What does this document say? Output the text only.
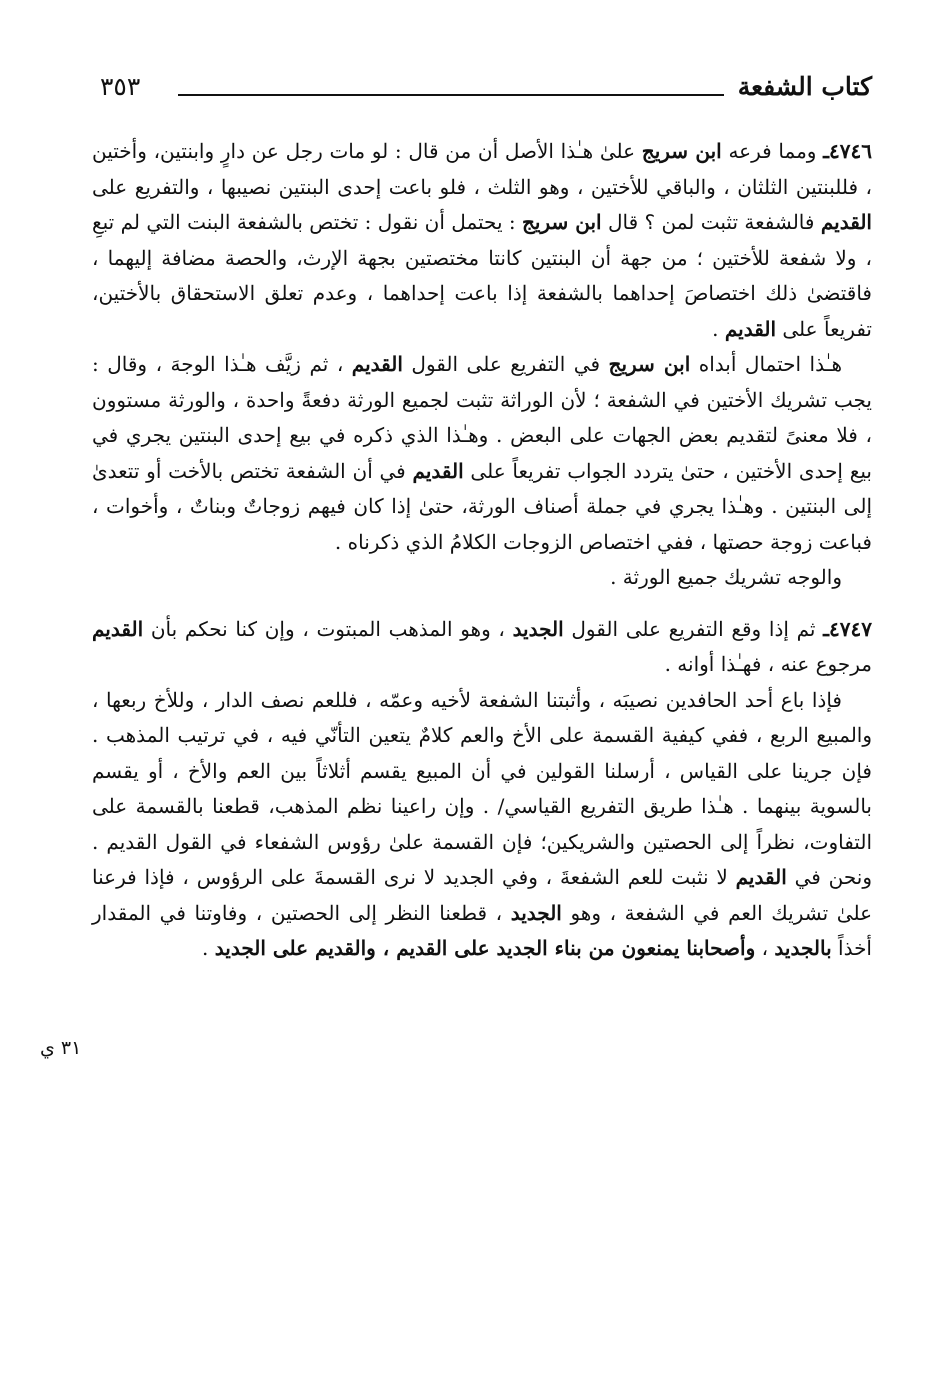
كتاب الشفعة
٣٥٣
٣١ ي

٤٧٤٦ـ ومما فرعه ابن سريج علىٰ هـٰذا الأصل أن من قال : لو مات رجل عن دارٍ وابنتين، وأختين ، فللبنتين الثلثان ، والباقي للأختين ، وهو الثلث ، فلو باعت إحدى البنتين نصيبها ، والتفريع على القديم فالشفعة تثبت لمن ؟ قال ابن سريج : يحتمل أن نقول : تختص بالشفعة البنت التي لم تبعِ ، ولا شفعة للأختين ؛ من جهة أن البنتين كانتا مختصتين بجهة الإرث، والحصة مضافة إليهما ، فاقتضىٰ ذلك اختصاصَ إحداهما بالشفعة إذا باعت إحداهما ، وعدم تعلق الاستحقاق بالأختين، تفريعاً على القديم .

هـٰذا احتمال أبداه ابن سريج في التفريع على القول القديم ، ثم زيَّف هـٰذا الوجهَ ، وقال : يجب تشريك الأختين في الشفعة ؛ لأن الوراثة تثبت لجميع الورثة دفعةً واحدة ، والورثة مستوون ، فلا معنىً لتقديم بعض الجهات على البعض . وهـٰذا الذي ذكره في بيع إحدى البنتين يجري في بيع إحدى الأختين ، حتىٰ يتردد الجواب تفريعاً على القديم في أن الشفعة تختص بالأخت أو تتعدىٰ إلى البنتين . وهـٰذا يجري في جملة أصناف الورثة، حتىٰ إذا كان فيهم زوجاتٌ وبناتٌ ، وأخوات ، فباعت زوجة حصتها ، ففي اختصاص الزوجات الكلامُ الذي ذكرناه .

والوجه تشريك جميع الورثة .

٤٧٤٧ـ ثم إذا وقع التفريع على القول الجديد ، وهو المذهب المبتوت ، وإن كنا نحكم بأن القديم مرجوع عنه ، فهـٰذا أوانه .

فإذا باع أحد الحافدين نصيبَه ، وأثبتنا الشفعة لأخيه وعمّه ، فللعم نصف الدار ، وللأخ ربعها ، والمبيع الربع ، ففي كيفية القسمة على الأخ والعم كلامٌ يتعين التأنّي فيه ، في ترتيب المذهب . فإن جرينا على القياس ، أرسلنا القولين في أن المبيع يقسم أثلاثاً بين العم والأخ ، أو يقسم بالسوية بينهما . هـٰذا طريق التفريع القياسي/ . وإن راعينا نظم المذهب، قطعنا بالقسمة على التفاوت، نظراً إلى الحصتين والشريكين؛ فإن القسمة علىٰ رؤوس الشفعاء في القول القديم . ونحن في القديم لا نثبت للعم الشفعةَ ، وفي الجديد لا نرى القسمةَ على الرؤوس ، فإذا فرعنا علىٰ تشريك العم في الشفعة ، وهو الجديد ، قطعنا النظر إلى الحصتين ، وفاوتنا في المقدار أخذاً بالجديد ، وأصحابنا يمنعون من بناء الجديد على القديم ، والقديم على الجديد .
